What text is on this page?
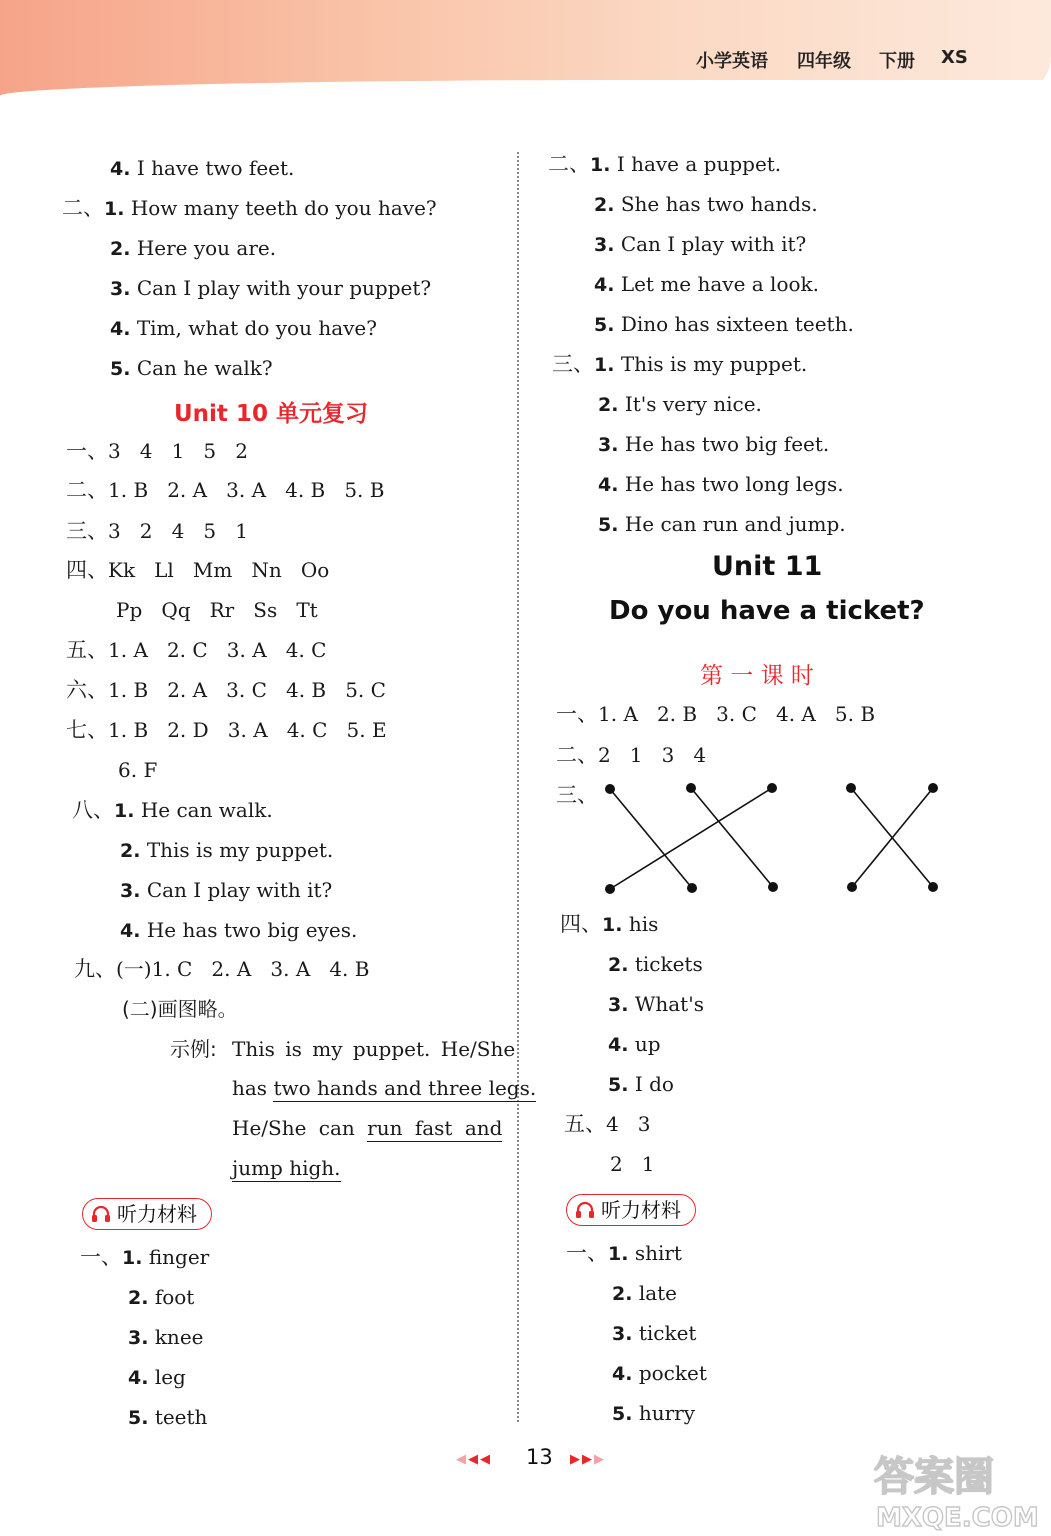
小学英语 四年级 下册 XS
4. I have two feet.
二、1. How many teeth do you have?
2. Here you are.
3. Can I play with your puppet?
4. Tim, what do you have?
5. Can he walk?
Unit 10 单元复习
一、3   4   1   5   2
二、1. B   2. A   3. A   4. B   5. B
三、3   2   4   5   1
四、Kk   Ll   Mm   Nn   Oo
Pp   Qq   Rr   Ss   Tt
五、1. A   2. C   3. A   4. C
六、1. B   2. A   3. C   4. B   5. C
七、1. B   2. D   3. A   4. C   5. E
6. F
八、1. He can walk.
2. This is my puppet.
3. Can I play with it?
4. He has two big eyes.
九、(一)1. C   2. A   3. A   4. B
(二)画图略。
示例: This is my puppet. He/She
has two hands and three legs.
He/She can run fast and
jump high.
听力材料
一、1. finger
2. foot
3. knee
4. leg
5. teeth
二、1. I have a puppet.
2. She has two hands.
3. Can I play with it?
4. Let me have a look.
5. Dino has sixteen teeth.
三、1. This is my puppet.
2. It's very nice.
3. He has two big feet.
4. He has two long legs.
5. He can run and jump.
Unit 11
Do you have a ticket?
第 一 课 时
一、1. A   2. B   3. C   4. A   5. B
二、2   1   3   4
三、
四、1. his
2. tickets
3. What's
4. up
5. I do
五、4   3
2   1
听力材料
一、1. shirt
2. late
3. ticket
4. pocket
5. hurry
◀◀◀ 13 ▶▶▶	答案圈
MXQE.COM
